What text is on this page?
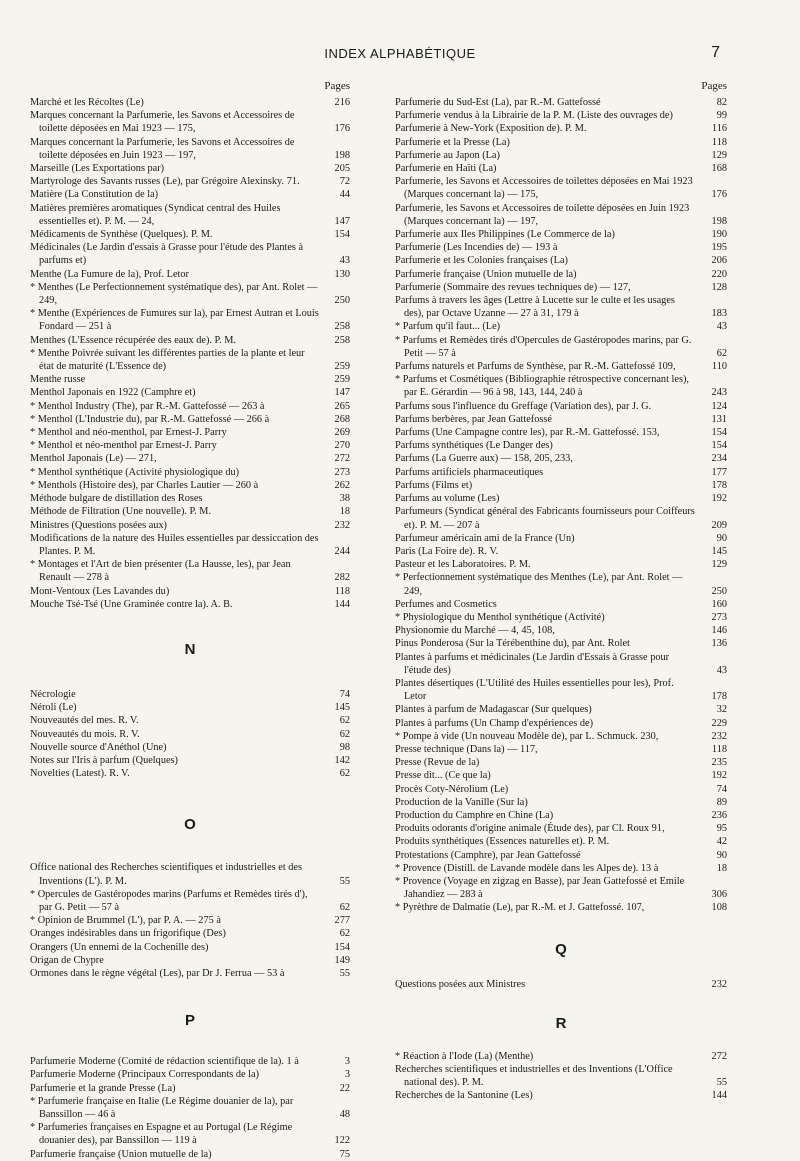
INDEX ALPHABÉTIQUE	7
Pages
Marché et les Récoltes (Le)	216
Marques concernant la Parfumerie, les Savons et Accessoires de toilette déposées en Mai 1923 — 175,	176
Marques concernant la Parfumerie, les Savons et Accessoires de toilette déposées en Juin 1923 — 197,	198
Marseille (Les Exportations par)	205
Martyrologe des Savants russes (Le), par Grégoire Alexinsky. 71.	72
Matière (La Constitution de la)	44
Matières premières aromatiques (Syndicat central des Huiles essentielles et). P. M. — 24,	147
Médicaments de Synthèse (Quelques). P. M.	154
Médicinales (Le Jardin d'essais à Grasse pour l'étude des Plantes à parfums et)	43
Menthe (La Fumure de la), Prof. Letor	130
* Menthes (Le Perfectionnement systématique des), par Ant. Rolet — 249,	250
* Menthe (Expériences de Fumures sur la), par Ernest Autran et Louis Fondard — 251 à	258
Menthes (L'Essence récupérée des eaux de). P. M.	258
* Menthe Poivrée suivant les différentes parties de la plante et leur état de maturité (L'Essence de)	259
Menthe russe	259
Menthol Japonais en 1922 (Camphre et)	147
* Menthol Industry (The), par R.-M. Gattefossé — 263 à	265
* Menthol (L'Industrie du), par R.-M. Gattefossé — 266 à	268
* Menthol and néo-menthol, par Ernest-J. Parry	269
* Menthol et néo-menthol par Ernest-J. Parry	270
Menthol Japonais (Le) — 271,	272
* Menthol synthétique (Activité physiologique du)	273
* Menthols (Histoire des), par Charles Lautier — 260 à	262
Méthode bulgare de distillation des Roses	38
Méthode de Filtration (Une nouvelle). P. M.	18
Ministres (Questions posées aux)	232
Modifications de la nature des Huiles essentielles par dessiccation des Plantes. P. M.	244
* Montages et l'Art de bien présenter (La Hausse, les), par Jean Renault — 278 à	282
Mont-Ventoux (Les Lavandes du)	118
Mouche Tsé-Tsé (Une Graminée contre la). A. B.	144
N
Nécrologie	74
Néroli (Le)	145
Nouveautés del mes. R. V.	62
Nouveautés du mois. R. V.	62
Nouvelle source d'Anéthol (Une)	98
Notes sur l'Iris à parfum (Quelques)	142
Novelties (Latest). R. V.	62
O
Office national des Recherches scientifiques et industrielles et des Inventions (L'). P. M.	55
* Opercules de Gastéropodes marins (Parfums et Remèdes tirés d'), par G. Petit — 57 à	62
* Opinion de Brummel (L'), par P. A. — 275 à	277
Oranges indésirables dans un frigorifique (Des)	62
Orangers (Un ennemi de la Cochenille des)	154
Origan de Chypre	149
Ormones dans le règne végétal (Les), par Dr J. Ferrua — 53 à	55
P
Parfumerie Moderne (Comité de rédaction scientifique de la). 1 à	3
Parfumerie Moderne (Principaux Correspondants de la)	3
Parfumerie et la grande Presse (La)	22
* Parfumerie française en Italie (Le Régime douanier de la), par Banssillon — 46 à	48
* Parfumeries françaises en Espagne et au Portugal (Le Régime douanier des), par Banssillon — 119 à	122
Parfumerie française (Union mutuelle de la)	75
Pages
Parfumerie du Sud-Est (La), par R.-M. Gattefossé	82
Parfumerie vendus à la Librairie de la P. M. (Liste des ouvrages de)	99
Parfumerie à New-York (Exposition de). P. M.	116
Parfumerie et la Presse (La)	118
Parfumerie au Japon (La)	129
Parfumerie en Haïti (La)	168
Parfumerie, les Savons et Accessoires de toilettes déposées en Mai 1923 (Marques concernant la) — 175,	176
Parfumerie, les Savons et Accessoires de toilette déposées en Juin 1923 (Marques concernant la) — 197,	198
Parfumerie aux Iles Philippines (Le Commerce de la)	190
Parfumerie (Les Incendies de) — 193 à	195
Parfumerie et les Colonies françaises (La)	206
Parfumerie française (Union mutuelle de la)	220
Parfumerie (Sommaire des revues techniques de) — 127,	128
Parfums à travers les âges (Lettre à Lucette sur le culte et les usages des), par Octave Uzanne — 27 à 31, 179 à	183
* Parfum qu'il faut... (Le)	43
* Parfums et Remèdes tirés d'Opercules de Gastéropodes marins, par G. Petit — 57 à	62
Parfums naturels et Parfums de Synthèse, par R.-M. Gattefossé 109,	110
* Parfums et Cosmétiques (Bibliographie rétrospective concernant les), par E. Gérardin — 96 à 98, 143, 144, 240 à	243
Parfums sous l'influence du Greffage (Variation des), par J. G.	124
Parfums berbères, par Jean Gattefossé	131
Parfums (Une Campagne contre les), par R.-M. Gattefossé. 153,	154
Parfums synthétiques (Le Danger des)	154
Parfums (La Guerre aux) — 158, 205, 233,	234
Parfums artificiels pharmaceutiques	177
Parfums (Films et)	178
Parfums au volume (Les)	192
Parfumeurs (Syndicat général des Fabricants fournisseurs pour Coiffeurs et). P. M. — 207 à	209
Parfumeur américain ami de la France (Un)	90
Paris (La Foire de). R. V.	145
Pasteur et les Laboratoires. P. M.	129
* Perfectionnement systématique des Menthes (Le), par Ant. Rolet — 249,	250
Perfumes and Cosmetics	160
* Physiologique du Menthol synthétique (Activité)	273
Physionomie du Marché — 4, 45, 108,	146
Pinus Ponderosa (Sur la Térébenthine du), par Ant. Rolet	136
Plantes à parfums et médicinales (Le Jardin d'Essais à Grasse pour l'étude des)	43
Plantes désertiques (L'Utilité des Huiles essentielles pour les), Prof. Letor	178
Plantes à parfum de Madagascar (Sur quelques)	32
Plantes à parfums (Un Champ d'expériences de)	229
* Pompe à vide (Un nouveau Modèle de), par L. Schmuck. 230,	232
Presse technique (Dans la) — 117,	118
Presse (Revue de la)	235
Presse dit... (Ce que la)	192
Procès Coty-Nérolium (Le)	74
Production de la Vanille (Sur la)	89
Production du Camphre en Chine (La)	236
Produits odorants d'origine animale (Étude des), par Cl. Roux 91,	95
Produits synthétiques (Essences naturelles et). P. M.	42
Protestations (Camphre), par Jean Gattefossé	90
* Provence (Distill. de Lavande modèle dans les Alpes de). 13 à	18
* Provence (Voyage en zigzag en Basse), par Jean Gattefossé et Emile Jahandiez — 283 à	306
* Pyrèthre de Dalmatie (Le), par R.-M. et J. Gattefossé. 107,	108
Q
Questions posées aux Ministres	232
R
* Réaction à l'Iode (La) (Menthe)	272
Recherches scientifiques et industrielles et des Inventions (L'Office national des). P. M.	55
Recherches de la Santonine (Les)	144
